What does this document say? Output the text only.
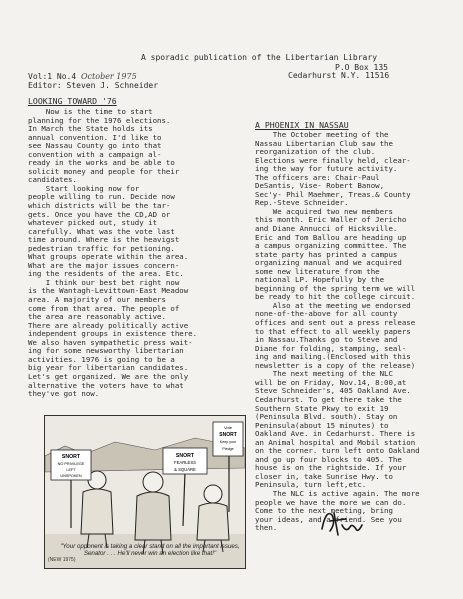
A sporadic publication of the Libertarian Library
P.O Box 135
Vol:1 No.4 October 1975	Cedarhurst N.Y. 11516
Editor: Steven J. Schneider
LOOKING TOWARD '76
Now is the time to start
planning for the 1976 elections.
In March the State holds its
annual convention. I'd like to
see Nassau County go into that
convention with a campaign al-
ready in the works and be able to
solicit money and people for their
candidates.
Start looking now for
people willing to run. Decide now
which districts will be the tar-
gets. Once you have the CD,AD or
whatever picked out, study it
carefully. What was the vote last
time around. Where is the heavigst
pedestrian traffic for petioning.
What groups operate within the area.
What are the major issues concern-
ing the residents of the area. Etc.
I think our best bet right now
is the Wantagh-Levittown-East Meadow
area. A majority of our members
come from that area. The people of
the area are reasonably active.
There are already politically active
independent groups in existence there.
We also haven sympathetic press wait-
ing for some newsworthy libertarian
activities. 1976 is going to be a
big year for libertarian candidates.
Let's get organized. We are the only
alternative the voters have to what
they've got now.
A PHOENIX IN NASSAU
The October meeting of the
Nassau Libertarian Club saw the
reorganization of the club.
Elections were finally held, clear-
ing the way for future activity.
The officers are: Chair-Paul
DeSantis, Vise- Robert Banow,
Sec'y- Phil Maehmer, Treas.& County
Rep.-Steve Schneider.
We acquired two new members
this month. Eric Waller of Jericho
and Diane Annucci of Hicksville.
Eric and Tom Ballou are heading up
a campus organizing committee. The
state party has printed a campus
organizing manual and we acquired
some new literature from the
national LP. Hopefully by the
beginning of the spring term we will
be ready to hit the college circuit.
Also at the meeting we endorsed
none-of-the-above for all county
offices and sent out a press release
to that effect to all weekly papers
in Nassau.Thanks go to Steve and
Diane for folding, stamping, seal-
ing and mailing.(Enclosed with this
newsletter is a copy of the release)
The next meeting of the NLC
will be on Friday, Nov.14, 8:00,at
Steve Schneider's, 405 Oakland Ave.
Cedarhurst. To get there take the
Southern State Pkwy to exit 19
(Peninsula Blvd. south). Stay on
Peninsula(about 15 minutes) to
Oakland Ave. in Cedarhurst. There is
an Animal hospital and Mobil station
on the corner. turn left onto Oakland
and go up four blocks to 405. The
house is on the rightside. If your
closer in, take Sunrise Hwy. to
Peninsula, turn left,etc.
The NLC is active again. The more
people we have the more we can do.
Come to the next meeting, bring
your ideas, and a friend. See you
then.
SNORT
NO PRIVILEGE
LEFT
UNSPOKEN
SNORT
FEARLESS
& SQUARE
Vote
SNORT
Keep your
Pledge
"Your opponent is taking a clear stand on all the important issues, Senator . . . He'll never win an election like that!"
(NEW 1975)
Steve
